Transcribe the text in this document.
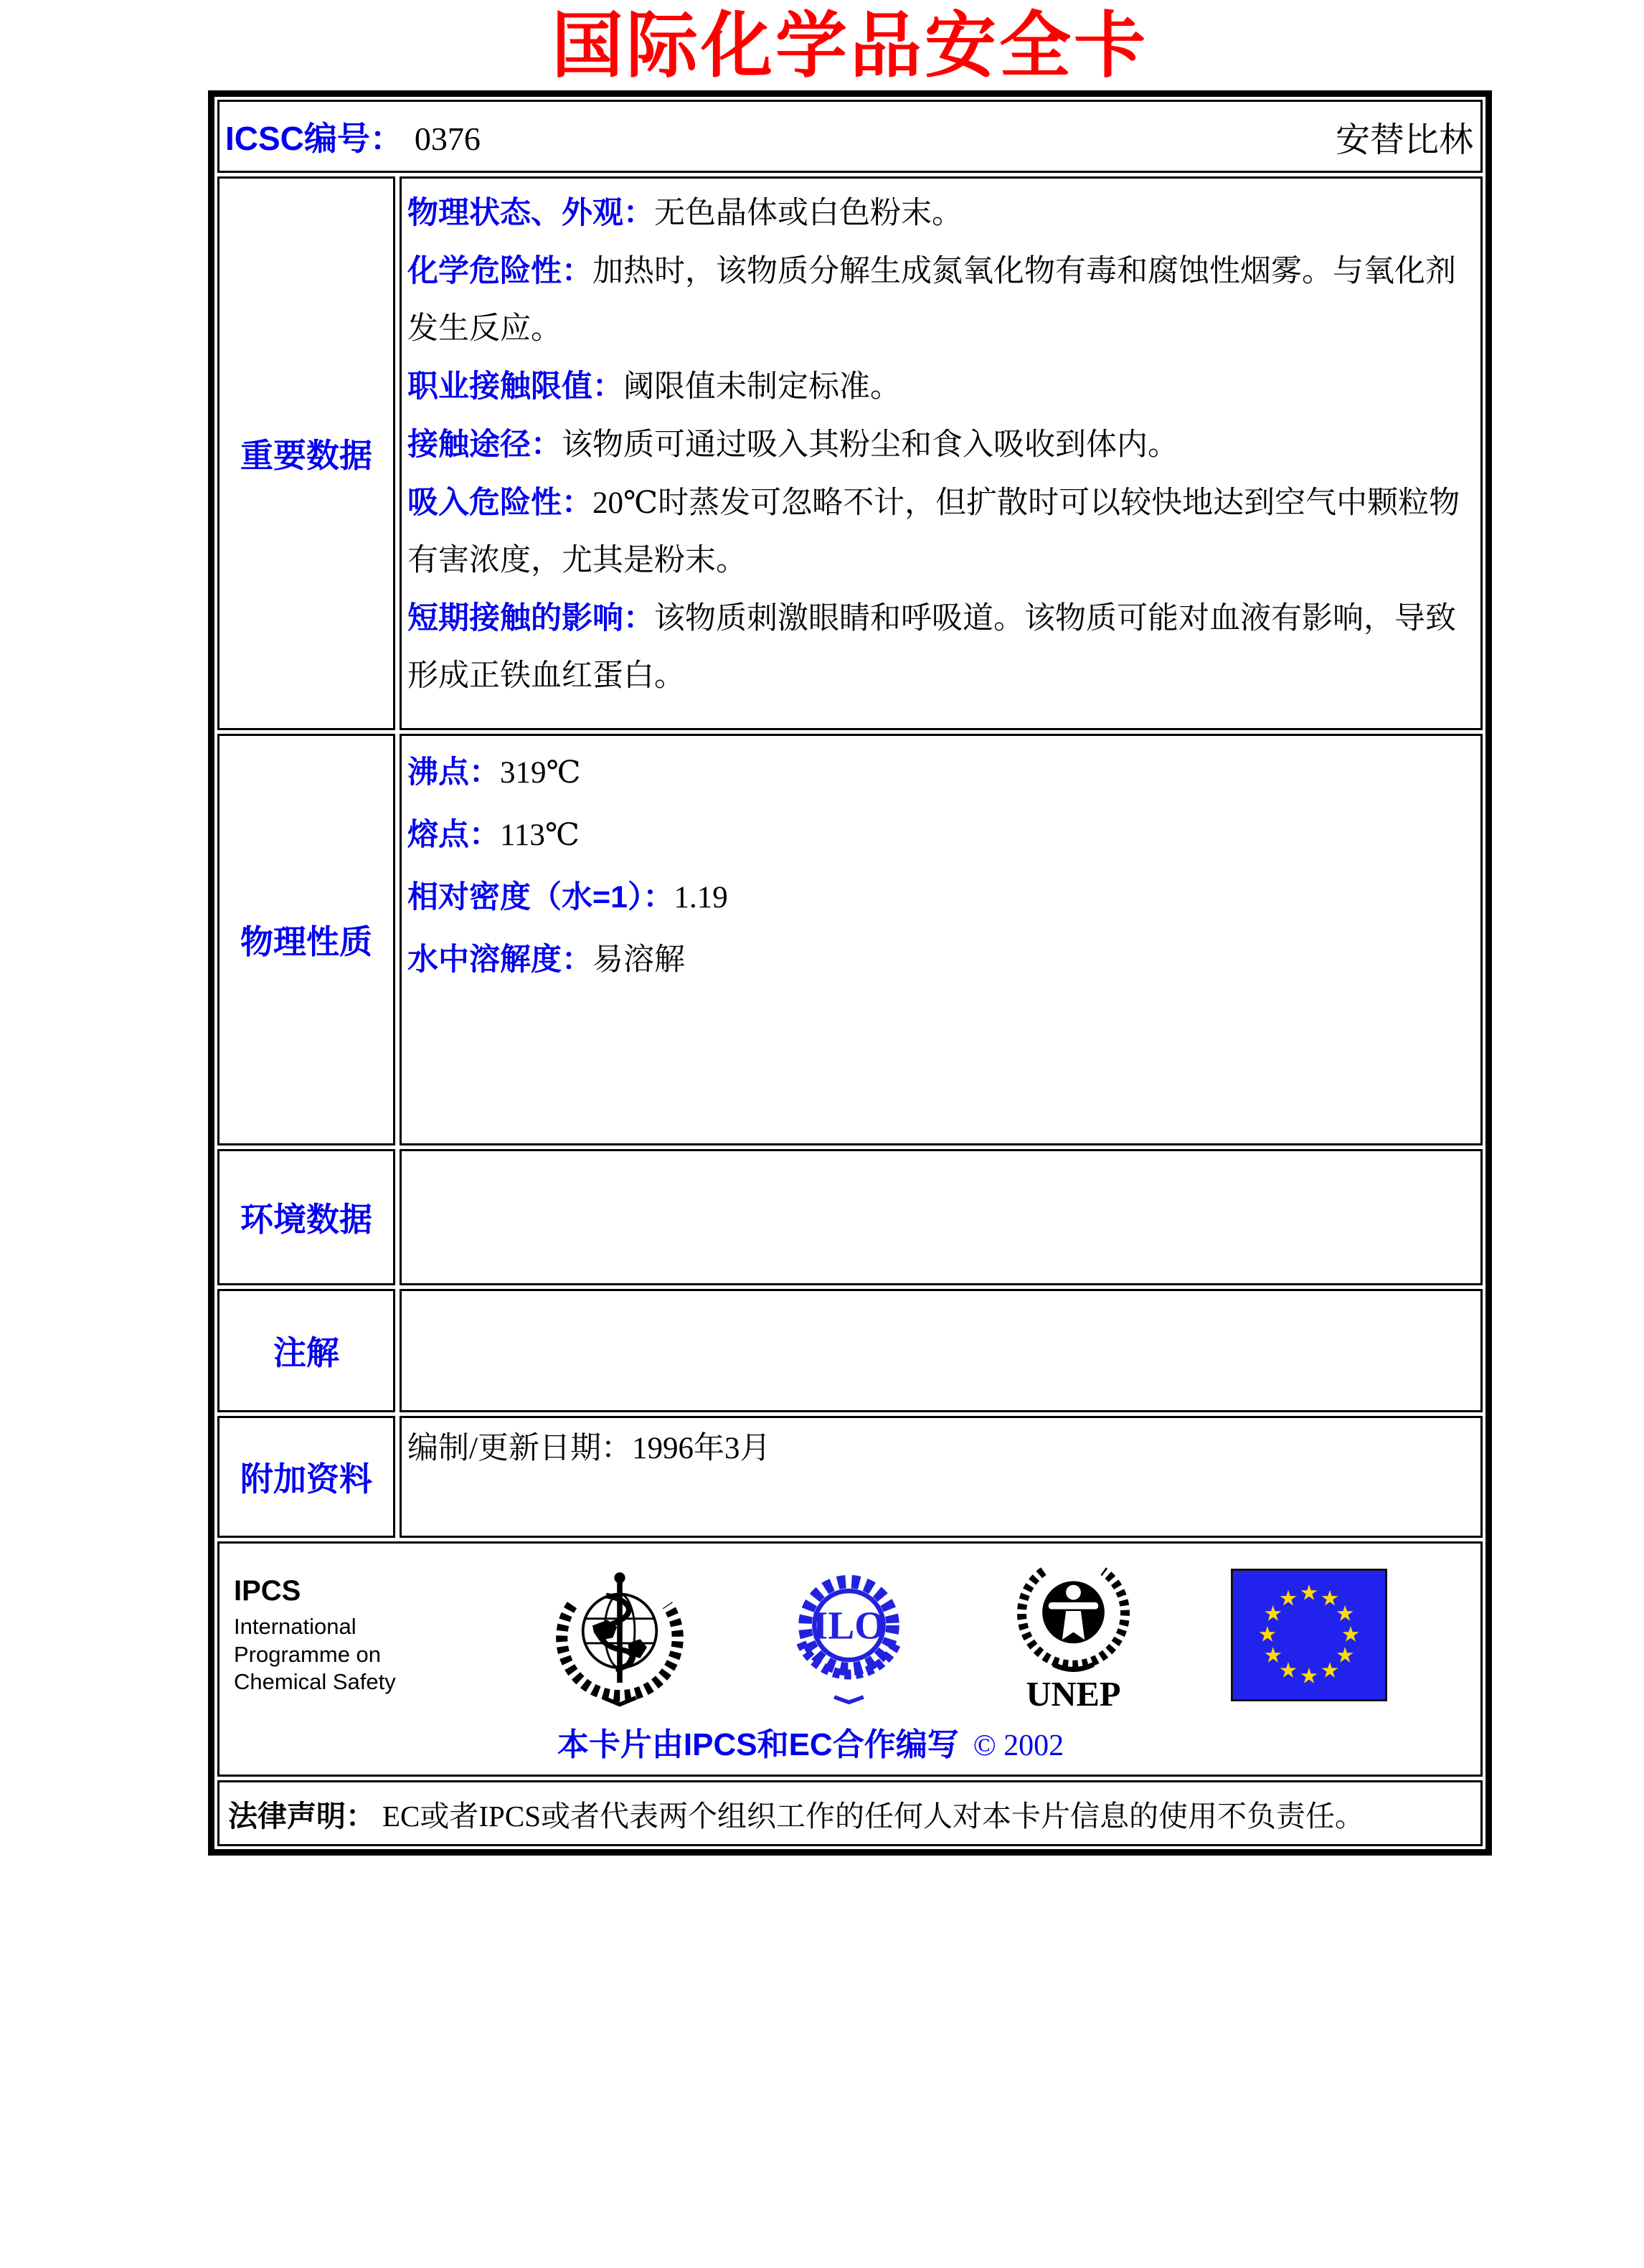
国际化学品安全卡
ICSC编号： 0376	安替比林
重要数据

物理状态、外观：无色晶体或白色粉末。

化学危险性：加热时，该物质分解生成氮氧化物有毒和腐蚀性烟雾。与氧化剂发生反应。

职业接触限值：阈限值未制定标准。

接触途径：该物质可通过吸入其粉尘和食入吸收到体内。

吸入危险性：20℃时蒸发可忽略不计，但扩散时可以较快地达到空气中颗粒物有害浓度，尤其是粉末。

短期接触的影响：该物质刺激眼睛和呼吸道。该物质可能对血液有影响，导致形成正铁血红蛋白。

物理性质

沸点：319℃

熔点：113℃

相对密度（水=1）：1.19

水中溶解度：易溶解

环境数据
注解
附加资料
编制/更新日期：1996年3月
IPCS
International
Programme on
Chemical Safety
ILO
UNEP
本卡片由IPCS和EC合作编写 © 2002
法律声明： EC或者IPCS或者代表两个组织工作的任何人对本卡片信息的使用不负责任。
